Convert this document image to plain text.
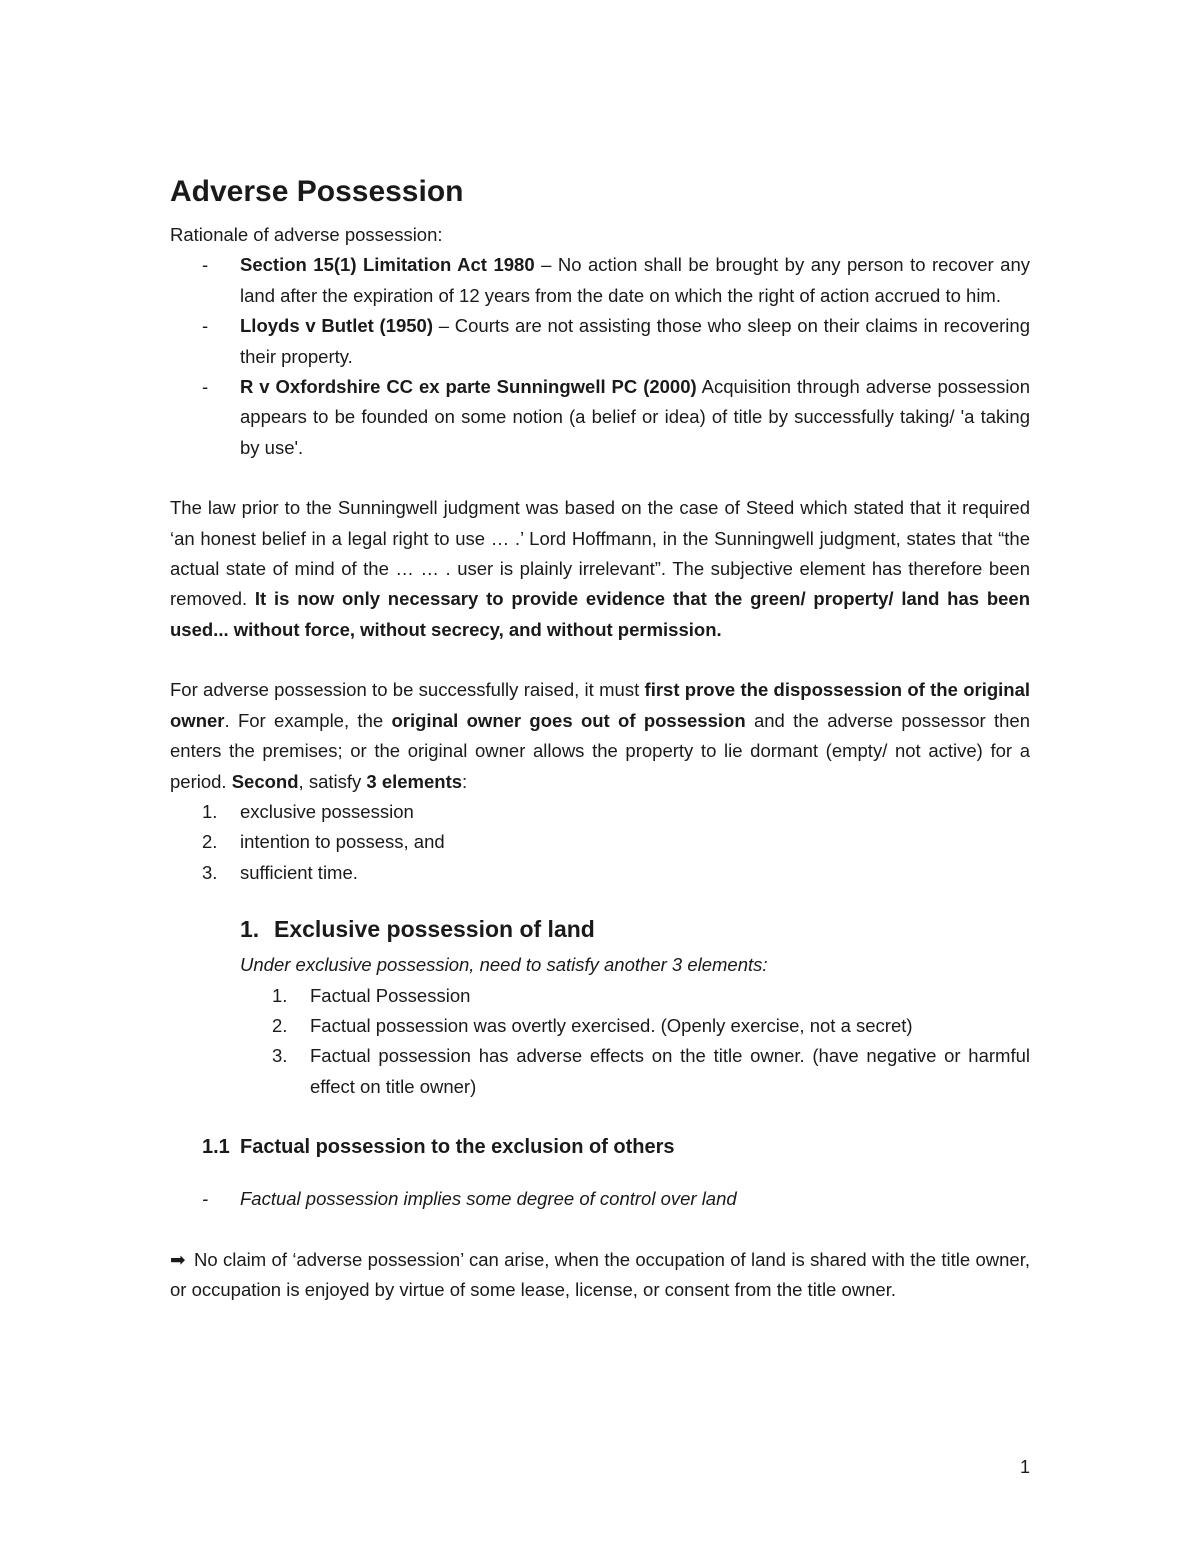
Adverse Possession

Rationale of adverse possession:

- Section 15(1) Limitation Act 1980 – No action shall be brought by any person to recover any land after the expiration of 12 years from the date on which the right of action accrued to him.
- Lloyds v Butlet (1950) – Courts are not assisting those who sleep on their claims in recovering their property.
- R v Oxfordshire CC ex parte Sunningwell PC (2000) Acquisition through adverse possession appears to be founded on some notion (a belief or idea) of title by successfully taking/ 'a taking by use'.

The law prior to the Sunningwell judgment was based on the case of Steed which stated that it required ‘an honest belief in a legal right to use … .’ Lord Hoffmann, in the Sunningwell judgment, states that “the actual state of mind of the … … . user is plainly irrelevant”. The subjective element has therefore been removed. It is now only necessary to provide evidence that the green/ property/ land has been used... without force, without secrecy, and without permission.

For adverse possession to be successfully raised, it must first prove the dispossession of the original owner. For example, the original owner goes out of possession and the adverse possessor then enters the premises; or the original owner allows the property to lie dormant (empty/ not active) for a period. Second, satisfy 3 elements:

1. exclusive possession
2. intention to possess, and
3. sufficient time.
1. Exclusive possession of land

Under exclusive possession, need to satisfy another 3 elements:

1. Factual Possession
2. Factual possession was overtly exercised. (Openly exercise, not a secret)
3. Factual possession has adverse effects on the title owner. (have negative or harmful effect on title owner)
1.1 Factual possession to the exclusion of others
- Factual possession implies some degree of control over land

➡ No claim of ‘adverse possession’ can arise, when the occupation of land is shared with the title owner, or occupation is enjoyed by virtue of some lease, license, or consent from the title owner.

1
